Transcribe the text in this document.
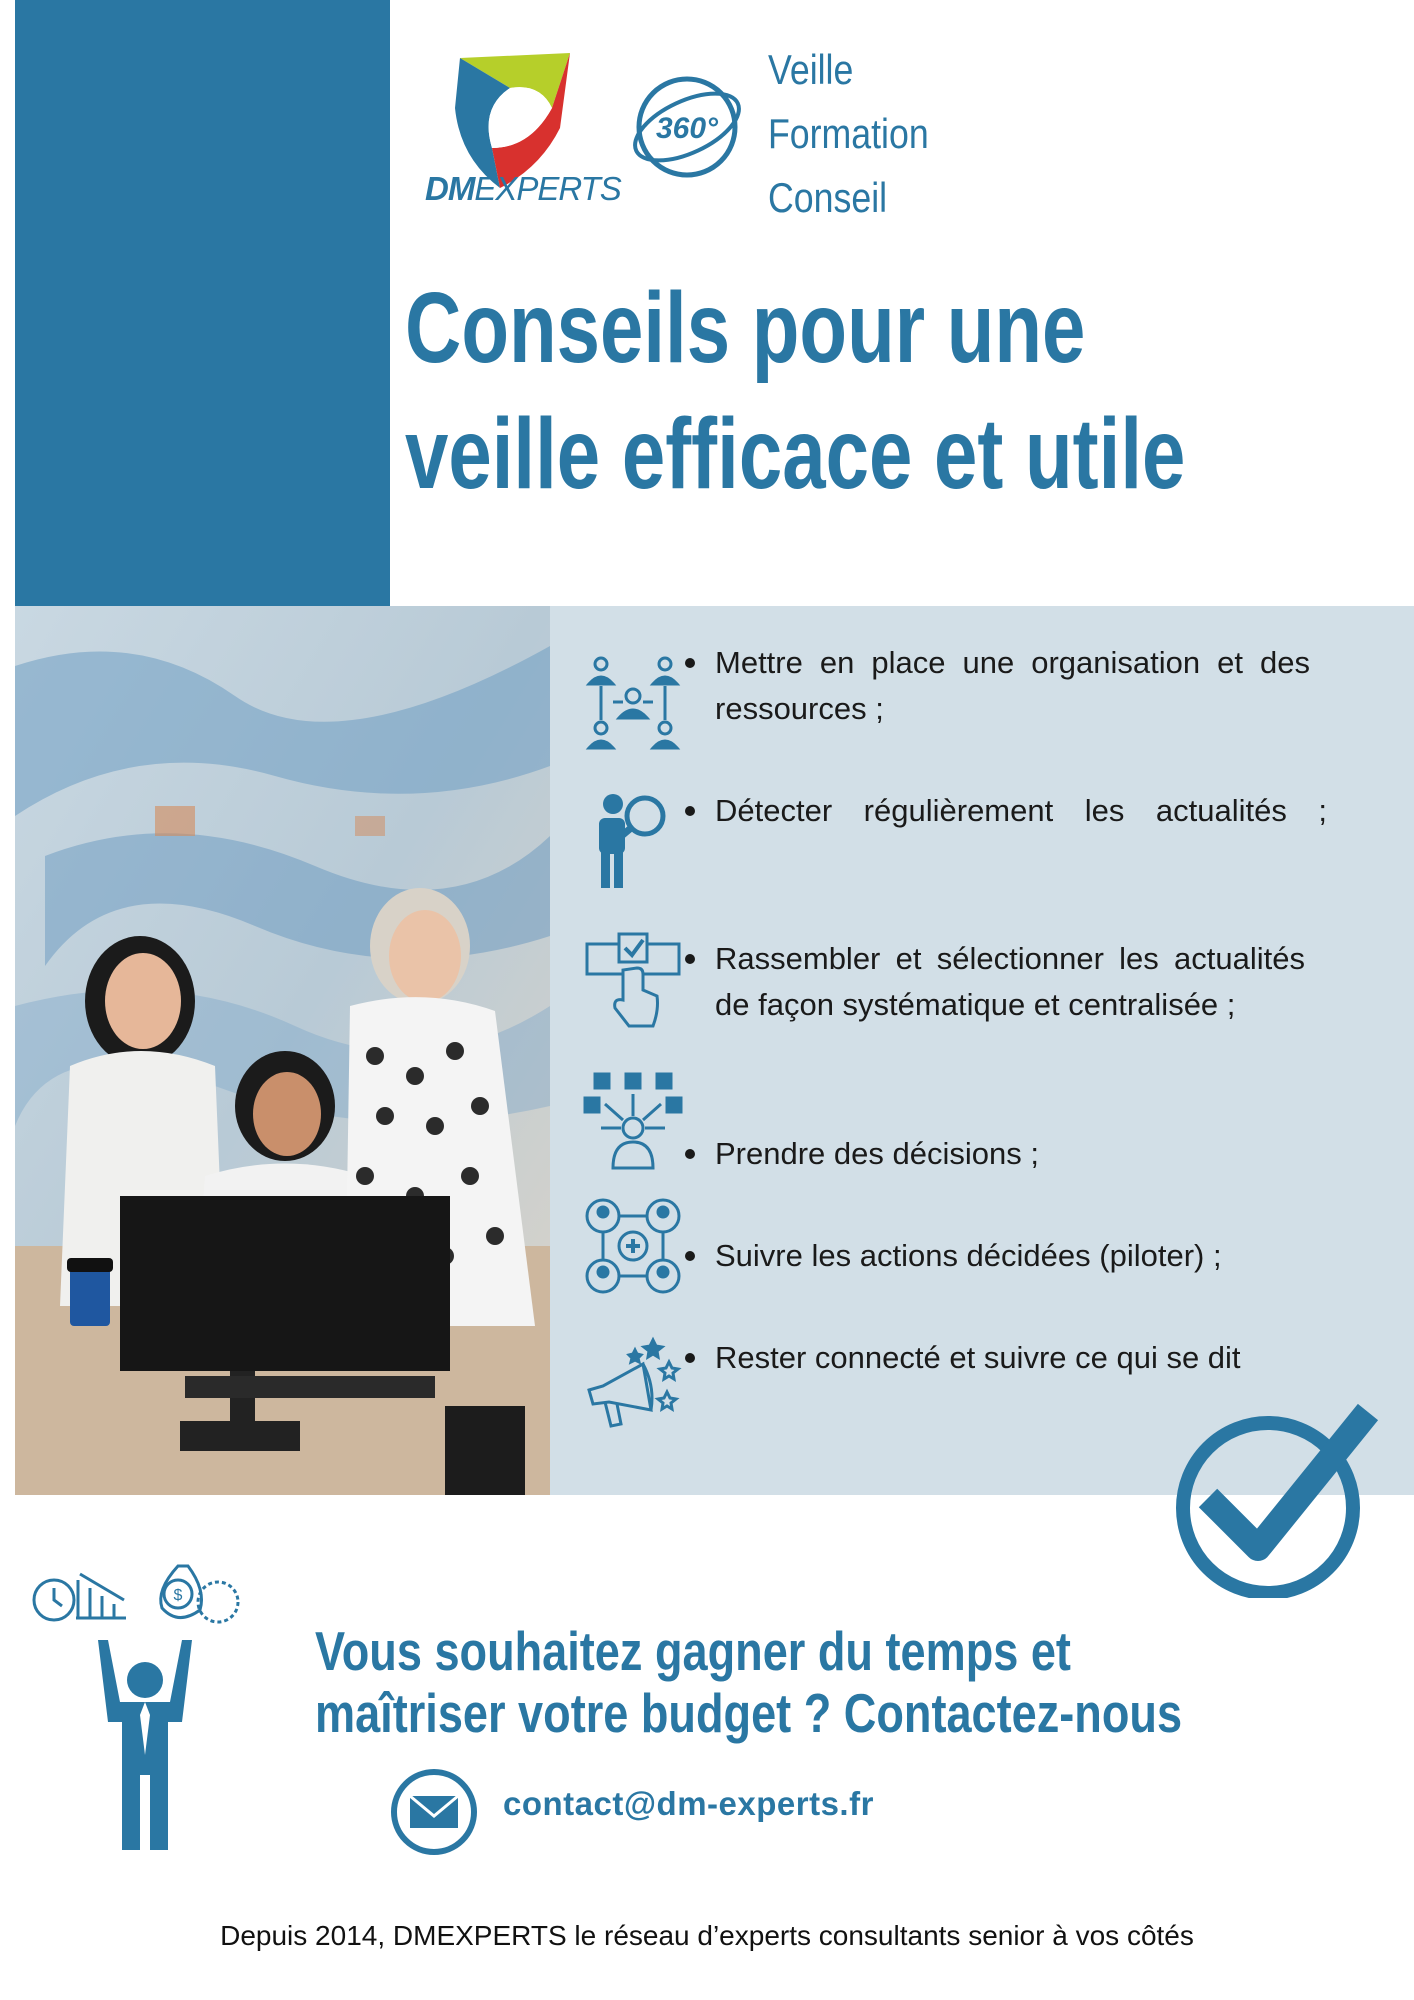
DMEXPERTS
360°
Veille
Formation
Conseil
Conseils pour une
veille efficace et utile
Mettre en place une organisation et des ressources ;
Détecter régulièrement les actualités ;
Rassembler et sélectionner les actualités de façon systématique et centralisée ;
Prendre des décisions ;
Suivre les actions décidées (piloter) ;
Rester connecté et suivre ce qui se dit
$
Vous souhaitez gagner du temps et
maîtriser votre budget ? Contactez-nous
contact@dm-experts.fr
Depuis 2014, DMEXPERTS le réseau d’experts consultants senior à vos côtés
